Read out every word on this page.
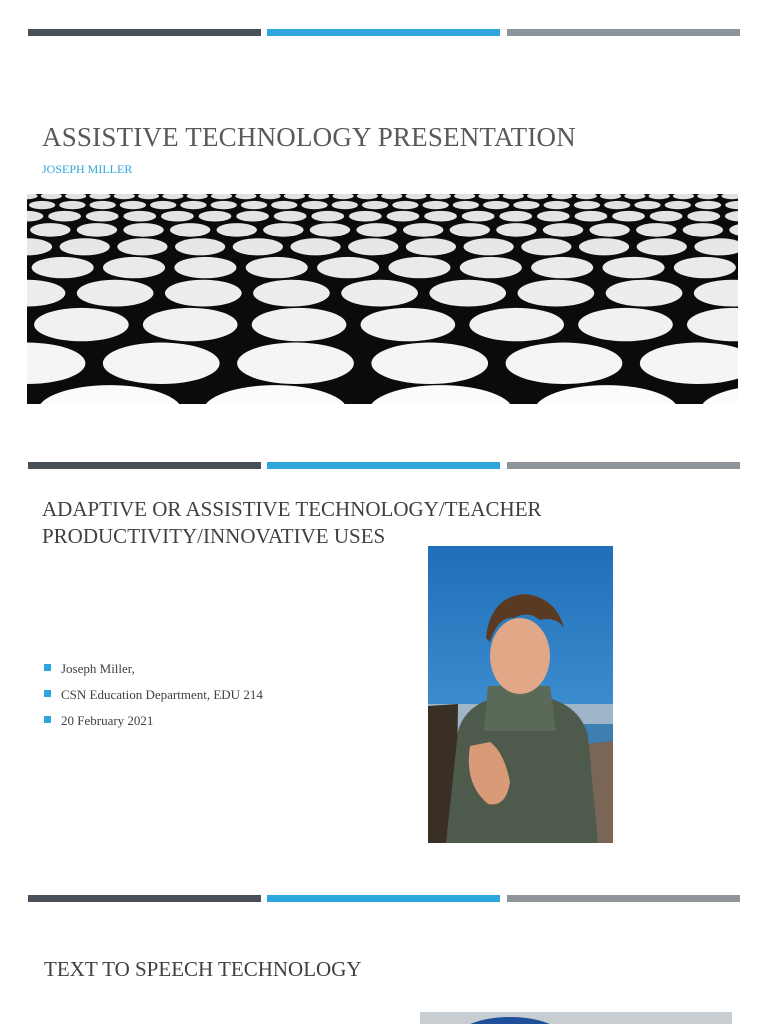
ASSISTIVE TECHNOLOGY PRESENTATION
JOSEPH MILLER
ADAPTIVE OR ASSISTIVE TECHNOLOGY/TEACHER PRODUCTIVITY/INNOVATIVE USES
Joseph Miller,
CSN Education Department, EDU 214
20 February 2021
TEXT TO SPEECH TECHNOLOGY
